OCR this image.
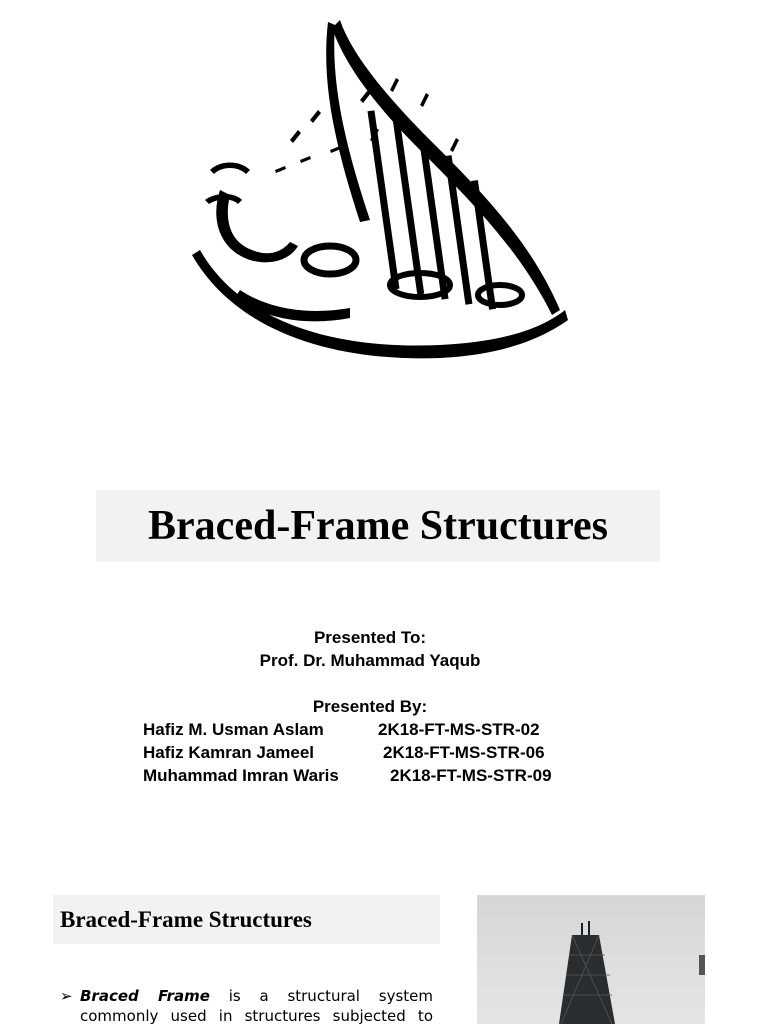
Braced-Frame Structures
Presented To:
Prof. Dr. Muhammad Yaqub
Presented By:
Hafiz M. Usman Aslam	2K18-FT-MS-STR-02
Hafiz Kamran Jameel	2K18-FT-MS-STR-06
Muhammad Imran Waris	2K18-FT-MS-STR-09
Braced-Frame Structures
➢ Braced Frame is a structural system
commonly used in structures subjected to
